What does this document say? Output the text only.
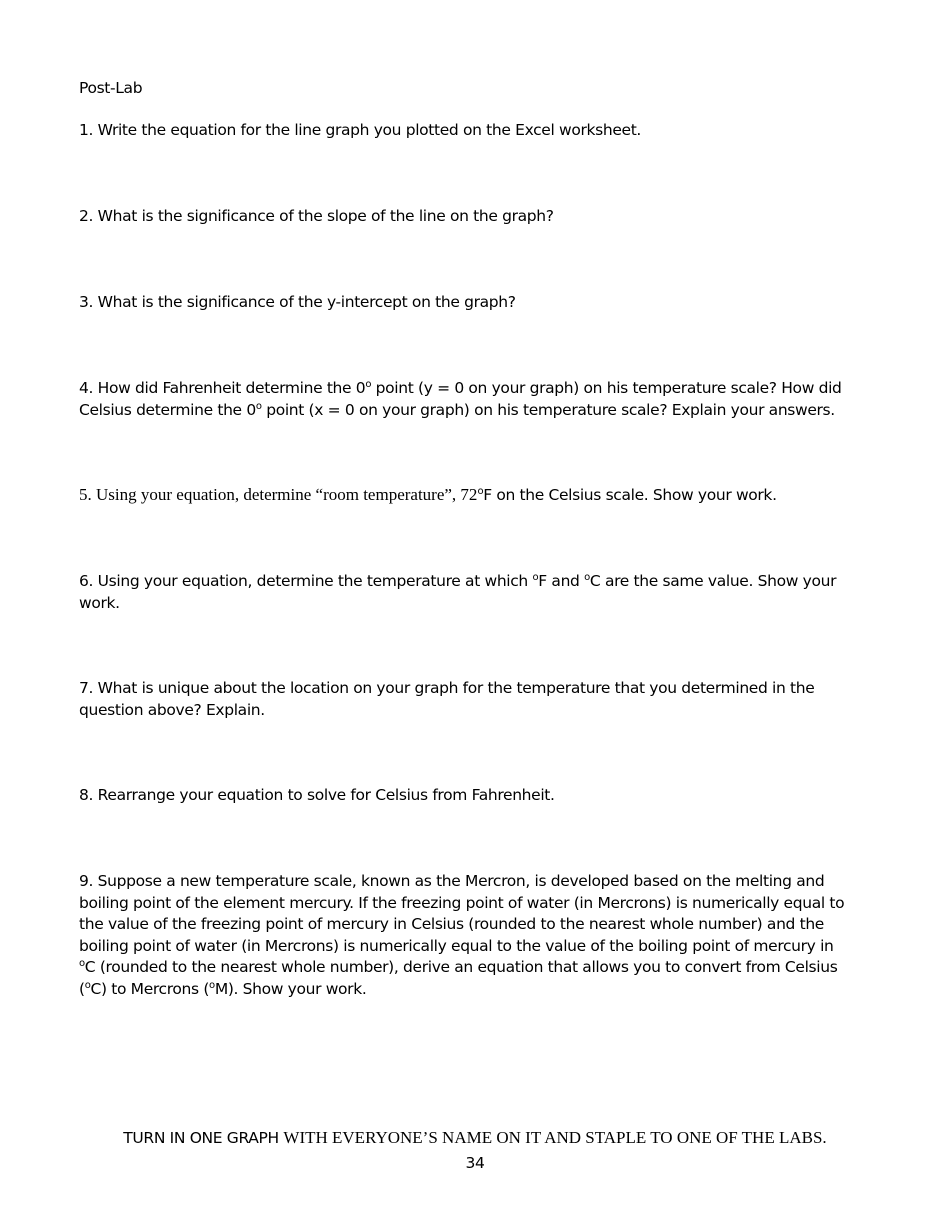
Post-Lab
1. Write the equation for the line graph you plotted on the Excel worksheet.
2. What is the significance of the slope of the line on the graph?
3. What is the significance of the y-intercept on the graph?
4. How did Fahrenheit determine the 0$^o$ point (y = 0 on your graph) on his temperature scale? How did
Celsius determine the 0$^o$ point (x = 0 on your graph) on his temperature scale? Explain your answers.
5. Using your equation, determine “room temperature”, 72$^o$F on the Celsius scale. Show your work.
6. Using your equation, determine the temperature at which $^o$F and $^o$C are the same value. Show your
work.
7. What is unique about the location on your graph for the temperature that you determined in the
question above? Explain.
8. Rearrange your equation to solve for Celsius from Fahrenheit.
9. Suppose a new temperature scale, known as the Mercron, is developed based on the melting and
boiling point of the element mercury. If the freezing point of water (in Mercrons) is numerically equal to
the value of the freezing point of mercury in Celsius (rounded to the nearest whole number) and the
boiling point of water (in Mercrons) is numerically equal to the value of the boiling point of mercury in
$^o$C (rounded to the nearest whole number), derive an equation that allows you to convert from Celsius
($^o$C) to Mercrons ($^o$M). Show your work.
TURN IN ONE GRAPH WITH EVERYONE’S NAME ON IT AND STAPLE TO ONE OF THE LABS.
34
